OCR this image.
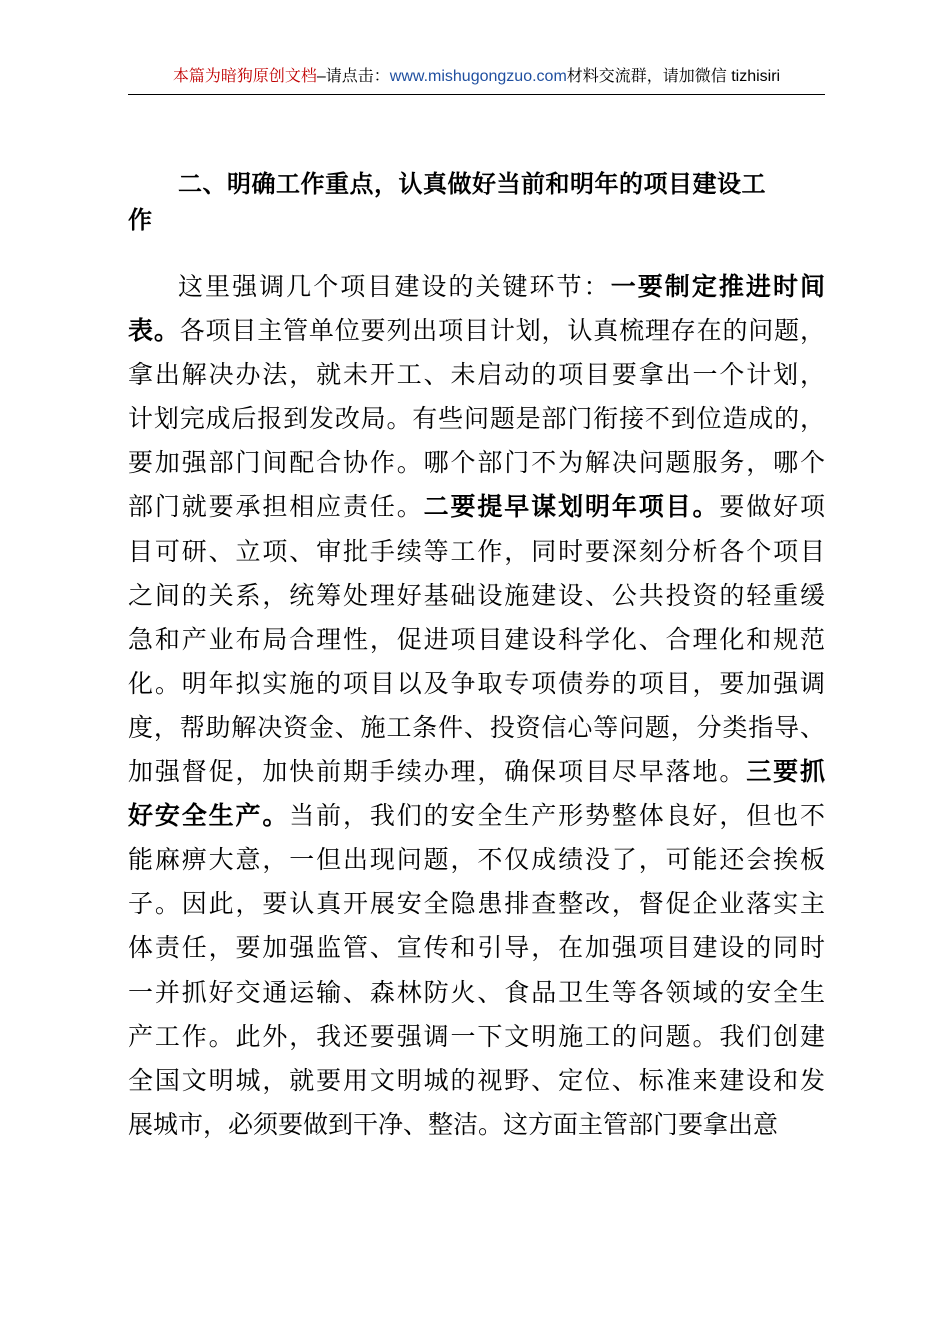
本篇为暗狗原创文档–请点击：www.mishugongzuo.com材料交流群，请加微信 tizhisiri
二、明确工作重点，认真做好当前和明年的项目建设工
作
这里强调几个项目建设的关键环节：一要制定推进时间
表。各项目主管单位要列出项目计划，认真梳理存在的问题，
拿出解决办法，就未开工、未启动的项目要拿出一个计划，
计划完成后报到发改局。有些问题是部门衔接不到位造成的，
要加强部门间配合协作。哪个部门不为解决问题服务，哪个
部门就要承担相应责任。二要提早谋划明年项目。要做好项
目可研、立项、审批手续等工作，同时要深刻分析各个项目
之间的关系，统筹处理好基础设施建设、公共投资的轻重缓
急和产业布局合理性，促进项目建设科学化、合理化和规范
化。明年拟实施的项目以及争取专项债券的项目，要加强调
度，帮助解决资金、施工条件、投资信心等问题，分类指导、
加强督促，加快前期手续办理，确保项目尽早落地。三要抓
好安全生产。当前，我们的安全生产形势整体良好，但也不
能麻痹大意，一但出现问题，不仅成绩没了，可能还会挨板
子。因此，要认真开展安全隐患排查整改，督促企业落实主
体责任，要加强监管、宣传和引导，在加强项目建设的同时
一并抓好交通运输、森林防火、食品卫生等各领域的安全生
产工作。此外，我还要强调一下文明施工的问题。我们创建
全国文明城，就要用文明城的视野、定位、标准来建设和发
展城市，必须要做到干净、整洁。这方面主管部门要拿出意
